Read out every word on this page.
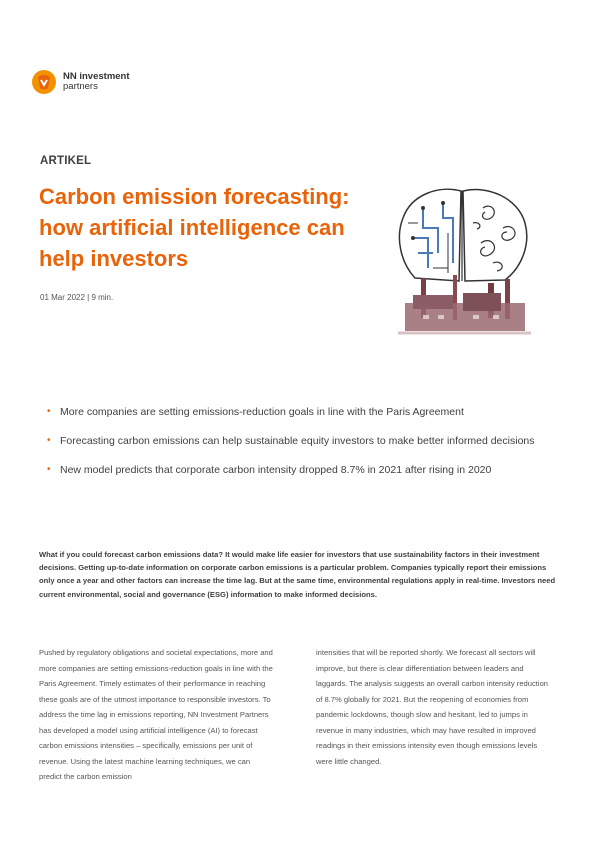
NN investment
partners
ARTIKEL
Carbon emission forecasting: how artificial intelligence can help investors
01 Mar 2022 | 9 min.
• More companies are setting emissions-reduction goals in line with the Paris Agreement
• Forecasting carbon emissions can help sustainable equity investors to make better informed decisions
• New model predicts that corporate carbon intensity dropped 8.7% in 2021 after rising in 2020

What if you could forecast carbon emissions data? It would make life easier for investors that use sustainability factors in their investment decisions. Getting up-to-date information on corporate carbon emissions is a particular problem. Companies typically report their emissions only once a year and other factors can increase the time lag. But at the same time, environmental regulations apply in real-time. Investors need current environmental, social and governance (ESG) information to make informed decisions.

Pushed by regulatory obligations and societal expectations, more and more companies are setting emissions-reduction goals in line with the Paris Agreement. Timely estimates of their performance in reaching these goals are of the utmost importance to responsible investors. To address the time lag in emissions reporting, NN Investment Partners has developed a model using artificial intelligence (AI) to forecast carbon emissions intensities – specifically, emissions per unit of revenue. Using the latest machine learning techniques, we can predict the carbon emission

intensities that will be reported shortly. We forecast all sectors will improve, but there is clear differentiation between leaders and laggards. The analysis suggests an overall carbon intensity reduction of 8.7% globally for 2021. But the reopening of economies from pandemic lockdowns, though slow and hesitant, led to jumps in revenue in many industries, which may have resulted in improved readings in their emissions intensity even though emissions levels were little changed.
